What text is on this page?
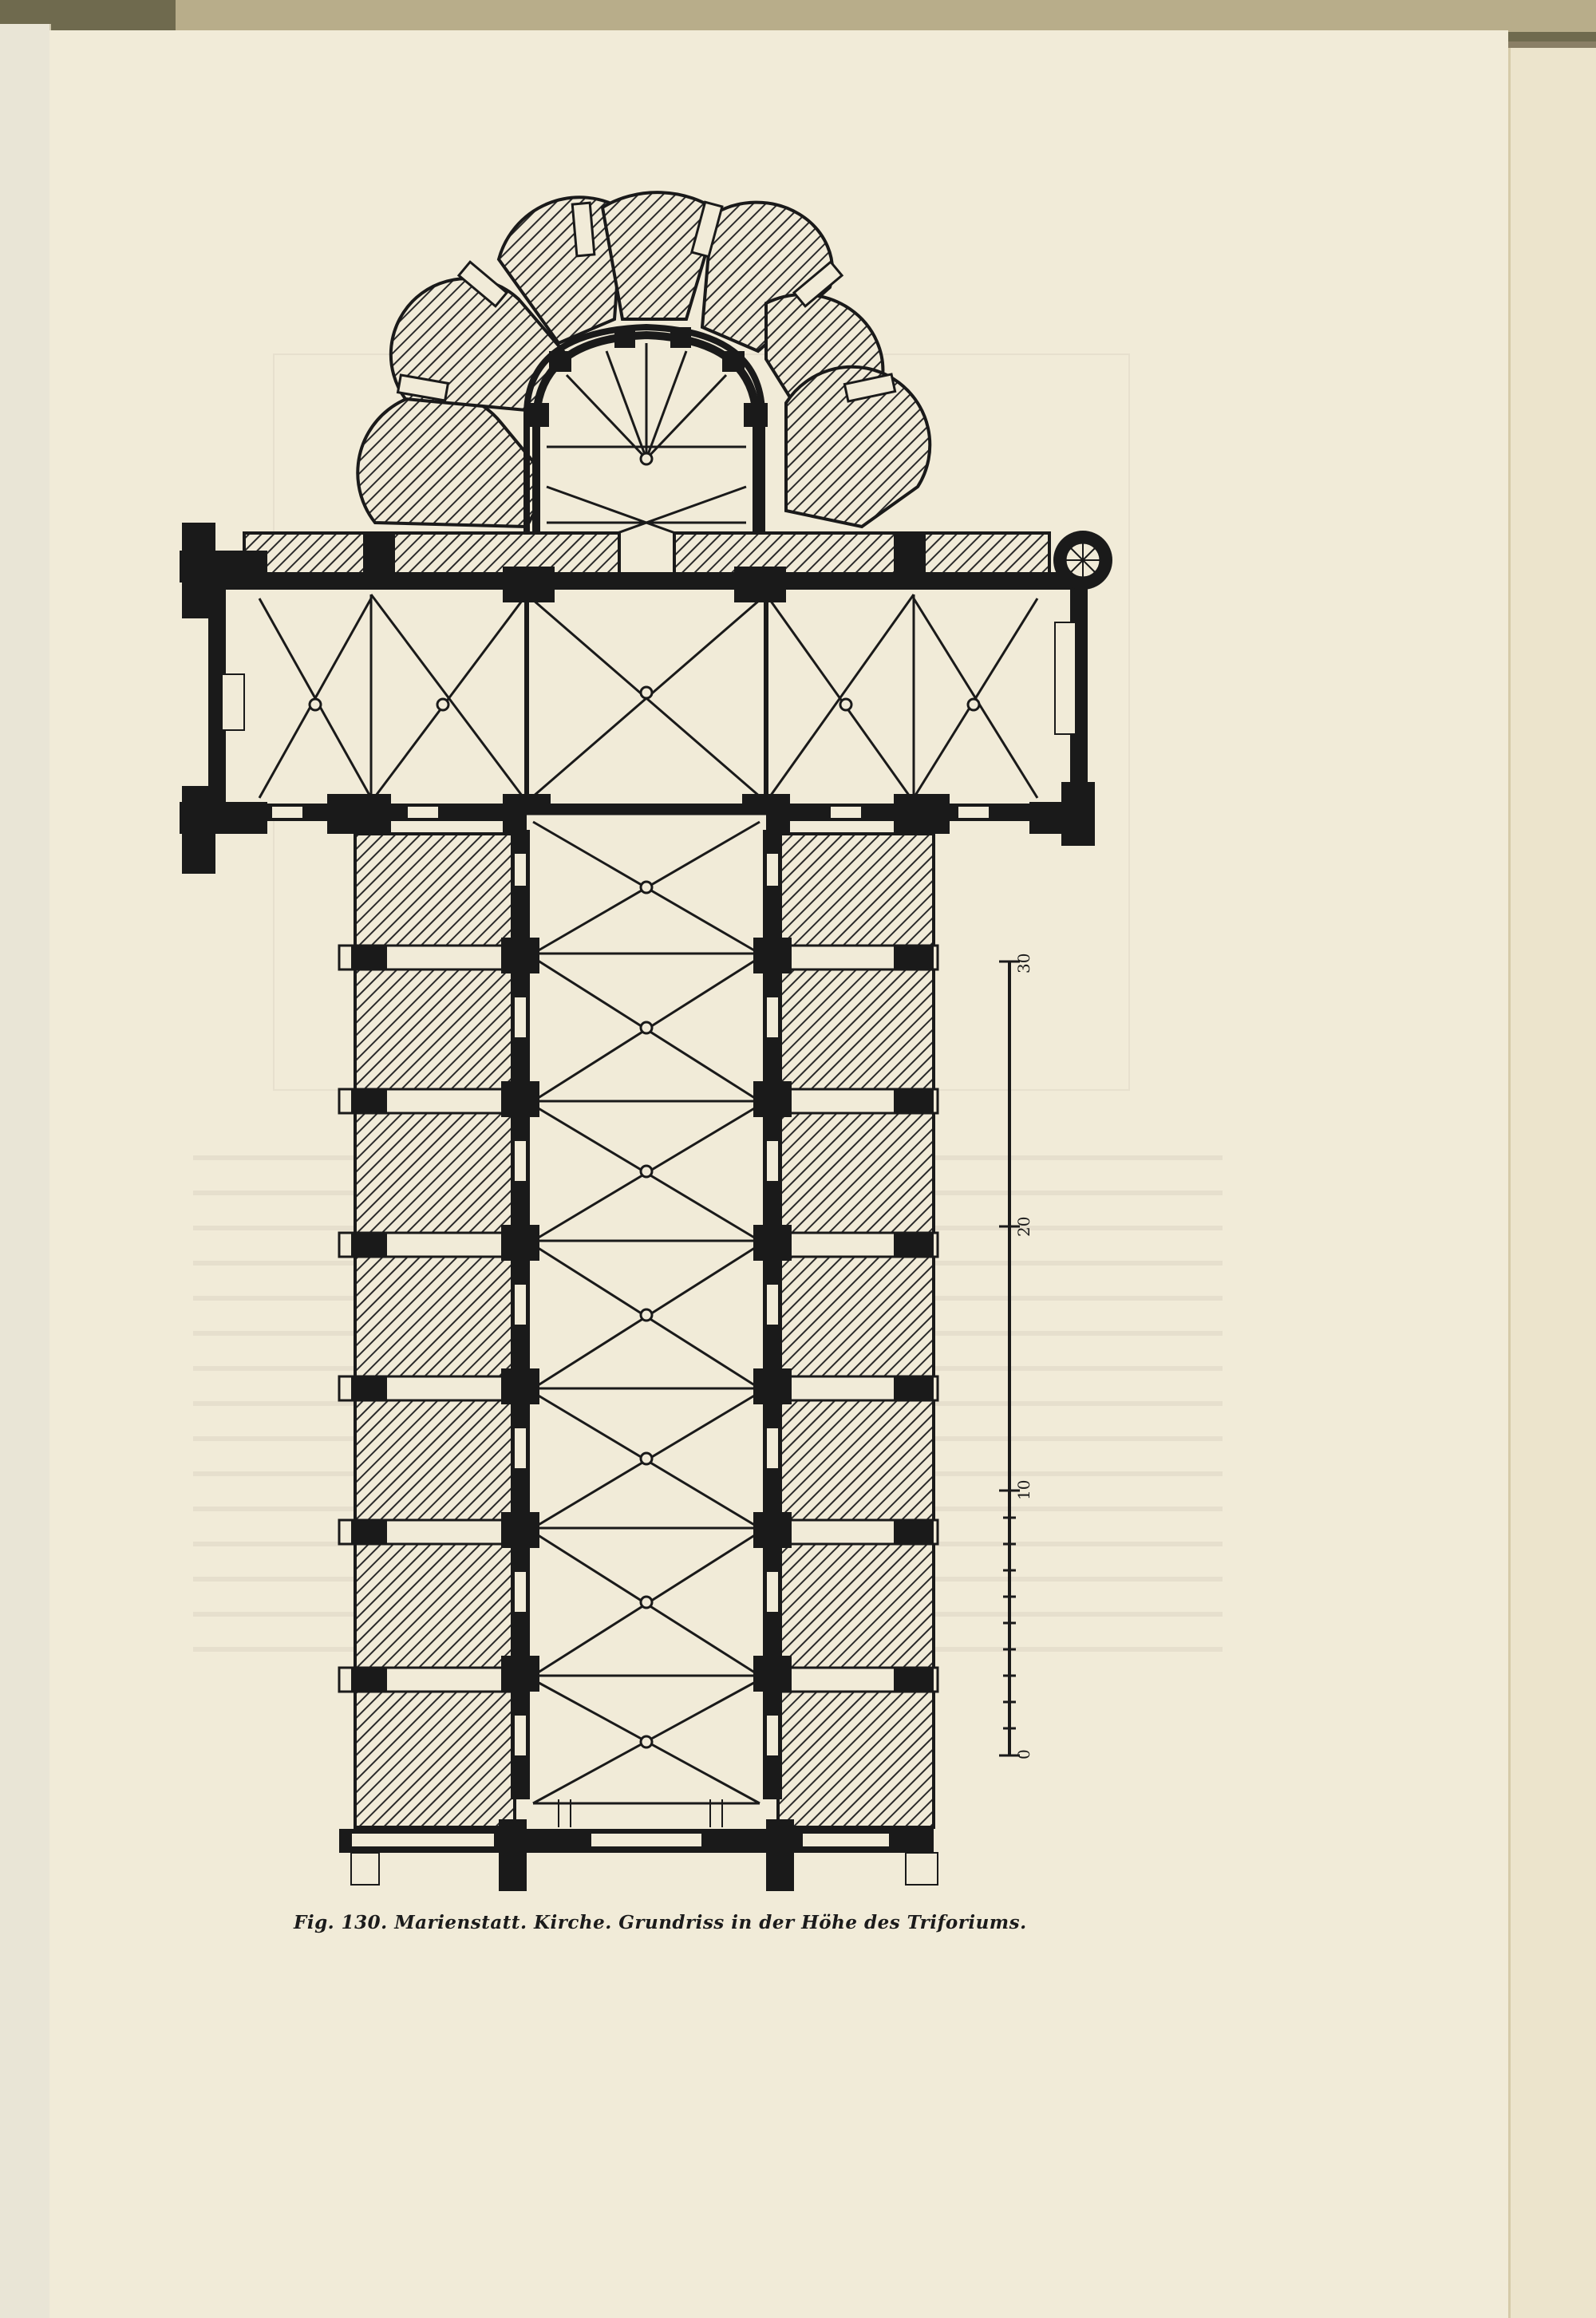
0
10
20
30
Fig. 130. Marienstatt. Kirche. Grundriss in der Höhe des Triforiums.
